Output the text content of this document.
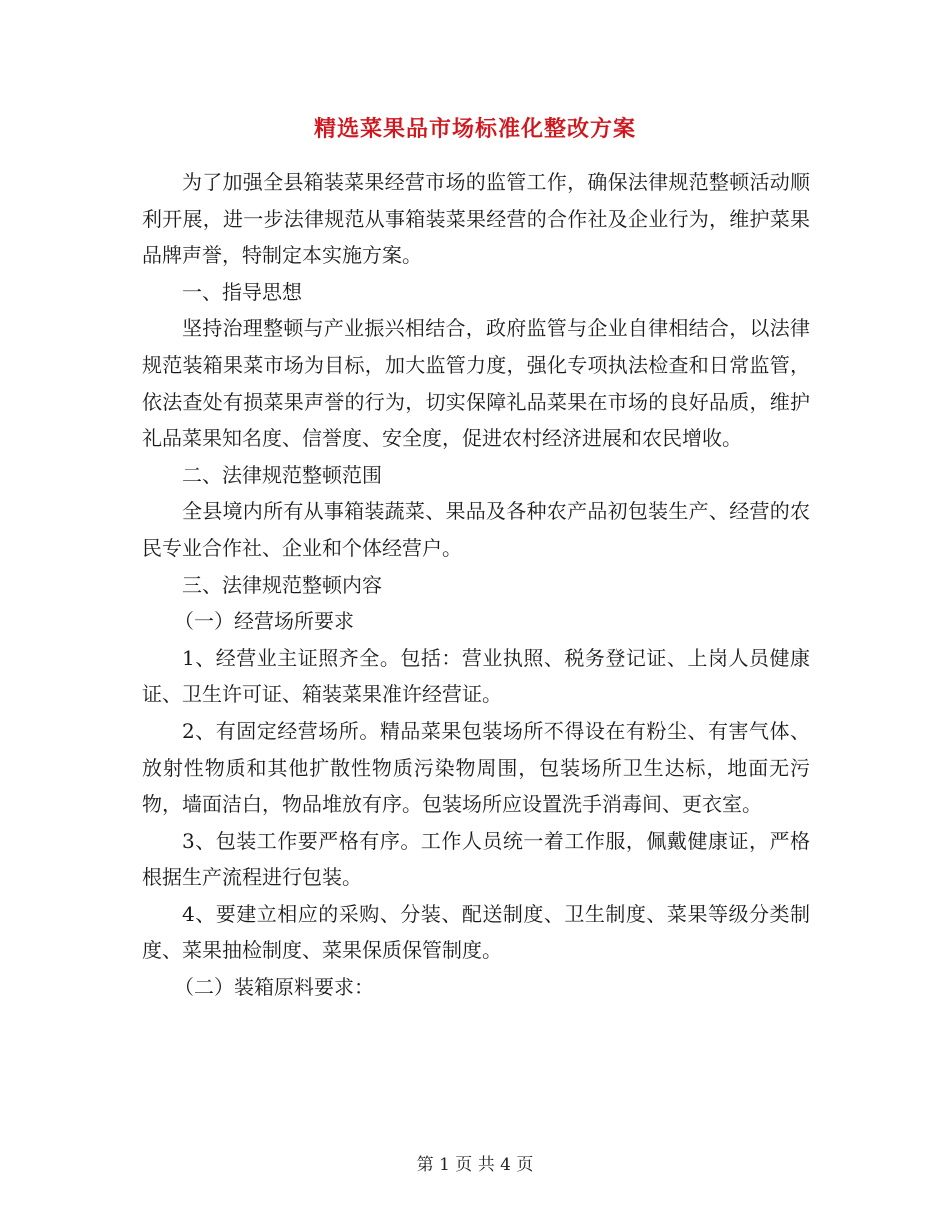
精选菜果品市场标准化整改方案

为了加强全县箱装菜果经营市场的监管工作，确保法律规范整顿活动顺利开展，进一步法律规范从事箱装菜果经营的合作社及企业行为，维护菜果品牌声誉，特制定本实施方案。

一、指导思想

坚持治理整顿与产业振兴相结合，政府监管与企业自律相结合，以法律规范装箱果菜市场为目标，加大监管力度，强化专项执法检查和日常监管，依法查处有损菜果声誉的行为，切实保障礼品菜果在市场的良好品质，维护礼品菜果知名度、信誉度、安全度，促进农村经济进展和农民增收。

二、法律规范整顿范围

全县境内所有从事箱装蔬菜、果品及各种农产品初包装生产、经营的农民专业合作社、企业和个体经营户。

三、法律规范整顿内容

（一）经营场所要求

1、经营业主证照齐全。包括：营业执照、税务登记证、上岗人员健康证、卫生许可证、箱装菜果准许经营证。

2、有固定经营场所。精品菜果包装场所不得设在有粉尘、有害气体、放射性物质和其他扩散性物质污染物周围，包装场所卫生达标，地面无污物，墙面洁白，物品堆放有序。包装场所应设置洗手消毒间、更衣室。

3、包装工作要严格有序。工作人员统一着工作服，佩戴健康证，严格根据生产流程进行包装。

4、要建立相应的采购、分装、配送制度、卫生制度、菜果等级分类制度、菜果抽检制度、菜果保质保管制度。

（二）装箱原料要求：

第 1 页 共 4 页
